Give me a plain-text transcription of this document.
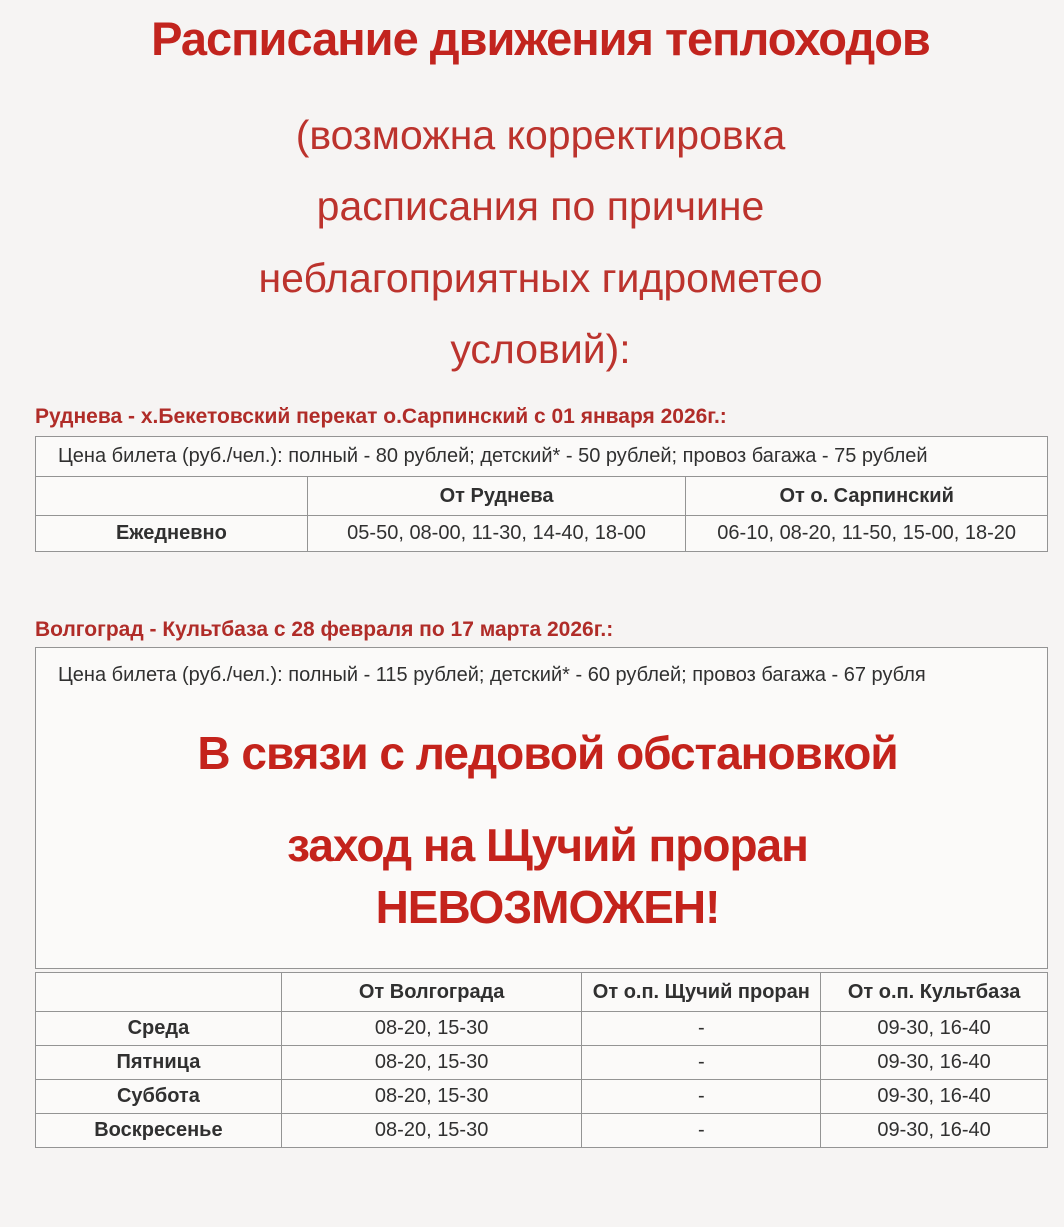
Расписание движения теплоходов
(возможна корректировка
расписания по причине
неблагоприятных гидрометео
условий):
Руднева - х.Бекетовский перекат о.Сарпинский с 01 января 2026г.:
Цена билета (руб./чел.): полный - 80 рублей; детский* - 50 рублей; провоз багажа - 75 рублей		
	От Руднева	От о. Сарпинский
Ежедневно	05-50, 08-00, 11-30, 14-40, 18-00	06-10, 08-20, 11-50, 15-00, 18-20
Волгоград - Культбаза с 28 февраля по 17 марта 2026г.:
Цена билета (руб./чел.): полный - 115 рублей; детский* - 60 рублей; провоз багажа - 67 рубля
В связи с ледовой обстановкой
заход на Щучий проран
НЕВОЗМОЖЕН!
	От Волгограда	От о.п. Щучий проран	От о.п. Культбаза
Среда	08-20, 15-30	-	09-30, 16-40
Пятница	08-20, 15-30	-	09-30, 16-40
Суббота	08-20, 15-30	-	09-30, 16-40
Воскресенье	08-20, 15-30	-	09-30, 16-40
